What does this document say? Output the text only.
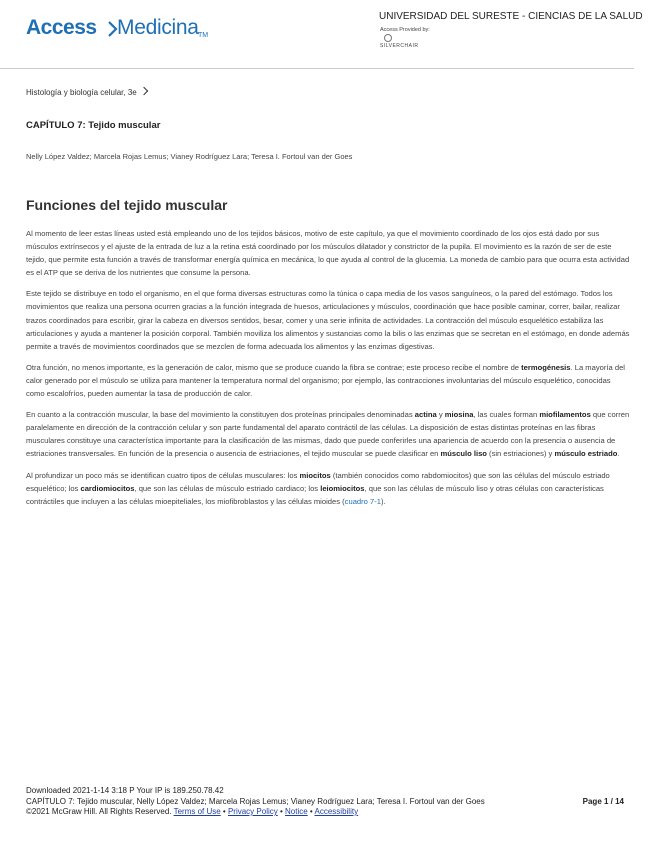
Access Medicina TM
UNIVERSIDAD DEL SURESTE - CIENCIAS DE LA SALUD
Access Provided by:
SILVERCHAIR
Histología y biología celular, 3e
CAPÍTULO 7: Tejido muscular
Nelly López Valdez; Marcela Rojas Lemus; Vianey Rodríguez Lara; Teresa I. Fortoul van der Goes
Funciones del tejido muscular

Al momento de leer estas líneas usted está empleando uno de los tejidos básicos, motivo de este capítulo, ya que el movimiento coordinado de los ojos está dado por sus músculos extrínsecos y el ajuste de la entrada de luz a la retina está coordinado por los músculos dilatador y constrictor de la pupila. El movimiento es la razón de ser de este tejido, que permite esta función a través de transformar energía química en mecánica, lo que ayuda al control de la glucemia. La moneda de cambio para que ocurra esta actividad es el ATP que se deriva de los nutrientes que consume la persona.

Este tejido se distribuye en todo el organismo, en el que forma diversas estructuras como la túnica o capa media de los vasos sanguíneos, o la pared del estómago. Todos los movimientos que realiza una persona ocurren gracias a la función integrada de huesos, articulaciones y músculos, coordinación que hace posible caminar, correr, bailar, realizar trazos coordinados para escribir, girar la cabeza en diversos sentidos, besar, comer y una serie infinita de actividades. La contracción del músculo esquelético estabiliza las articulaciones y ayuda a mantener la posición corporal. También moviliza los alimentos y sustancias como la bilis o las enzimas que se secretan en el estómago, en donde además permite a través de movimientos coordinados que se mezclen de forma adecuada los alimentos y las enzimas digestivas.

Otra función, no menos importante, es la generación de calor, mismo que se produce cuando la fibra se contrae; este proceso recibe el nombre de termogénesis. La mayoría del calor generado por el músculo se utiliza para mantener la temperatura normal del organismo; por ejemplo, las contracciones involuntarias del músculo esquelético, conocidas como escalofríos, pueden aumentar la tasa de producción de calor.

En cuanto a la contracción muscular, la base del movimiento la constituyen dos proteínas principales denominadas actina y miosina, las cuales forman miofilamentos que corren paralelamente en dirección de la contracción celular y son parte fundamental del aparato contráctil de las células. La disposición de estas distintas proteínas en las fibras musculares constituye una característica importante para la clasificación de las mismas, dado que puede conferirles una apariencia de acuerdo con la presencia o ausencia de estriaciones transversales. En función de la presencia o ausencia de estriaciones, el tejido muscular se puede clasificar en músculo liso (sin estriaciones) y músculo estriado.

Al profundizar un poco más se identifican cuatro tipos de células musculares: los miocitos (también conocidos como rabdomiocitos) que son las células del músculo estriado esquelético; los cardiomiocitos, que son las células de músculo estriado cardiaco; los leiomiocitos, que son las células de músculo liso y otras células con características contráctiles que incluyen a las células mioepiteliales, los miofibroblastos y las células mioides (cuadro 7-1).

Downloaded 2021-1-14 3:18 P Your IP is 189.250.78.42
CAPÍTULO 7: Tejido muscular, Nelly López Valdez; Marcela Rojas Lemus; Vianey Rodríguez Lara; Teresa I. Fortoul van der Goes	Page 1 / 14
©2021 McGraw Hill. All Rights Reserved. Terms of Use • Privacy Policy • Notice • Accessibility
